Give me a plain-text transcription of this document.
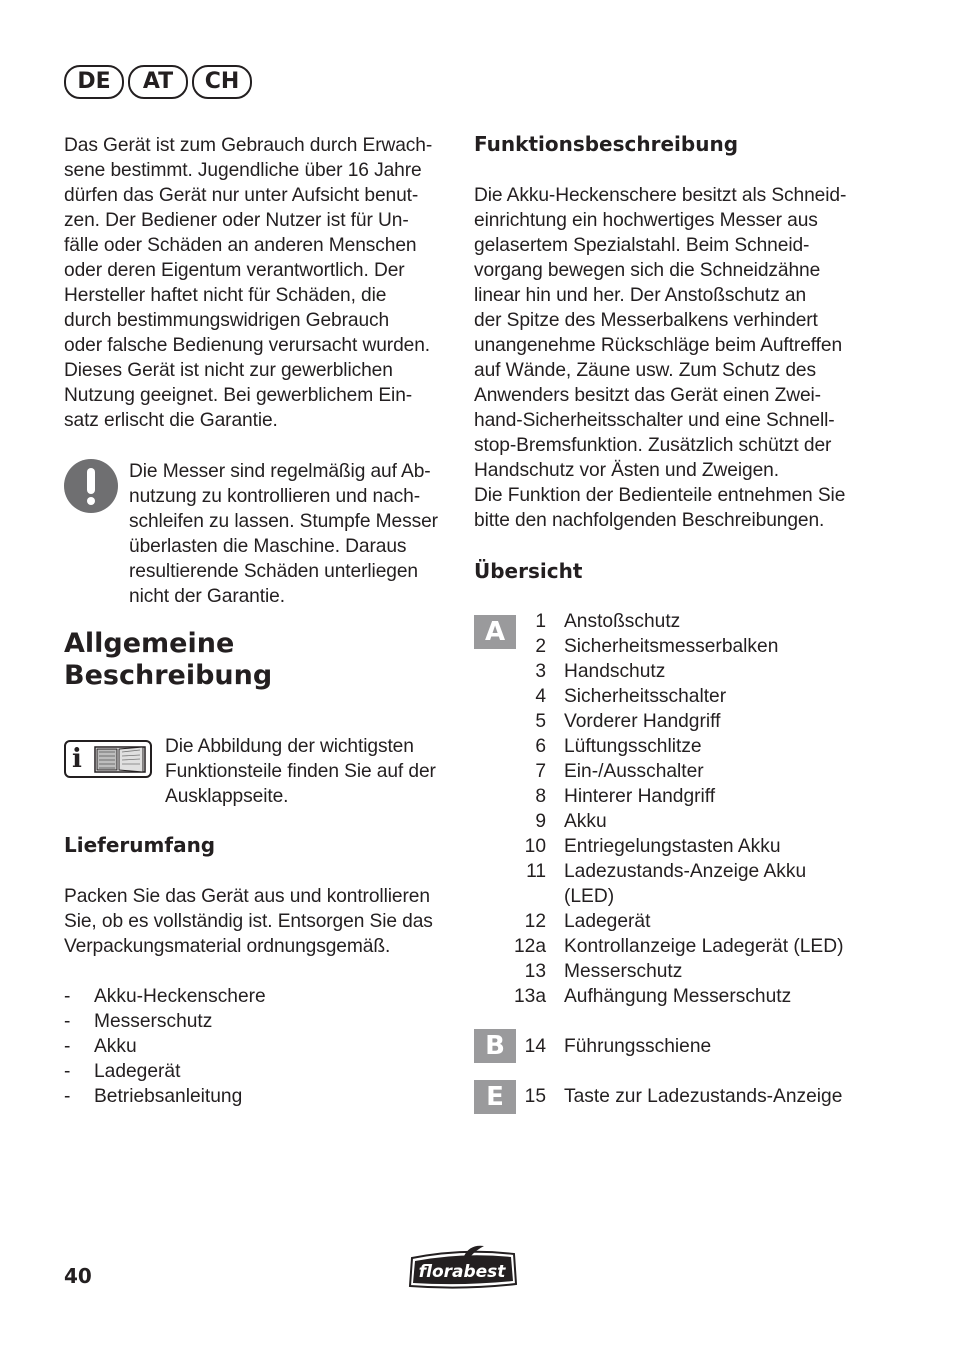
DE	AT	CH

Das Gerät ist zum Gebrauch durch Erwach-

sene bestimmt. Jugendliche über 16 Jahre

dürfen das Gerät nur unter Aufsicht benut-

zen. Der Bediener oder Nutzer ist für Un-

fälle oder Schäden an anderen Menschen

oder deren Eigentum verantwortlich. Der

Hersteller haftet nicht für Schäden, die

durch bestimmungswidrigen Gebrauch

oder falsche Bedienung verursacht wurden.

Dieses Gerät ist nicht zur gewerblichen

Nutzung geeignet. Bei gewerblichem Ein-

satz erlischt die Garantie.

Die Messer sind regelmäßig auf Ab-

nutzung zu kontrollieren und nach-

schleifen zu lassen. Stumpfe Messer

überlasten die Maschine. Daraus

resultierende Schäden unterliegen

nicht der Garantie.

Allgemeine

Beschreibung

i	Die Abbildung der wichtigsten

Funktionsteile finden Sie auf der

Ausklappseite.

Lieferumfang

Packen Sie das Gerät aus und kontrollieren

Sie, ob es vollständig ist. Entsorgen Sie das

Verpackungsmaterial ordnungsgemäß.

- Akku-Heckenschere
- Messerschutz
- Akku
- Ladegerät
- Betriebsanleitung

Funktionsbeschreibung

Die Akku-Heckenschere besitzt als Schneid-

einrichtung ein hochwertiges Messer aus

gelasertem Spezialstahl. Beim Schneid-

vorgang bewegen sich die Schneidzähne

linear hin und her. Der Anstoßschutz an

der Spitze des Messerbalkens verhindert

unangenehme Rückschläge beim Auftreffen

auf Wände, Zäune usw. Zum Schutz des

Anwenders besitzt das Gerät einen Zwei-

hand-Sicherheitsschalter und eine Schnell-

stop-Bremsfunktion. Zusätzlich schützt der

Handschutz vor Ästen und Zweigen.

Die Funktion der Bedienteile entnehmen Sie

bitte den nachfolgenden Beschreibungen.

Übersicht

A
B
E
1 Anstoßschutz
2 Sicherheitsmesserbalken
3 Handschutz
4 Sicherheitsschalter
5 Vorderer Handgriff
6 Lüftungsschlitze
7 Ein-/Ausschalter
8 Hinterer Handgriff
9 Akku
10 Entriegelungstasten Akku
11 Ladezustands-Anzeige Akku
(LED)
12 Ladegerät
12a Kontrollanzeige Ladegerät (LED)
13 Messerschutz
13a Aufhängung Messerschutz
14 Führungsschiene
15 Taste zur Ladezustands-Anzeige
40	florabest
